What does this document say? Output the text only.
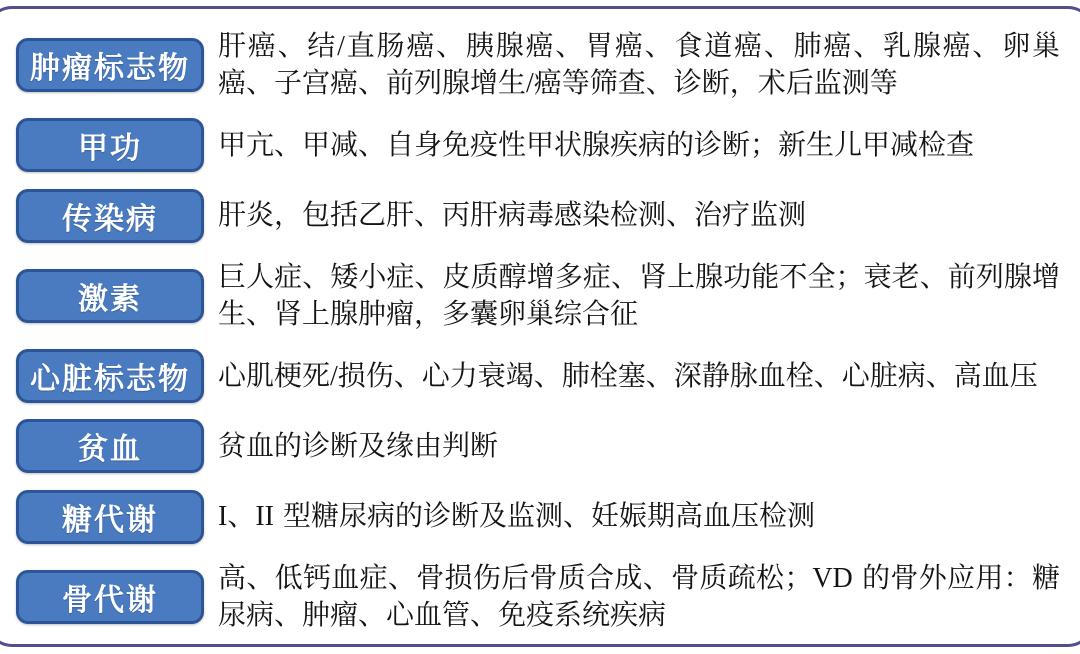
肿瘤标志物
肝癌、结/直肠癌、胰腺癌、胃癌、食道癌、肺癌、乳腺癌、卵巢癌、子宫癌、前列腺增生/癌等筛查、诊断，术后监测等
甲功	甲亢、甲减、自身免疫性甲状腺疾病的诊断；新生儿甲减检查
传染病 肝炎，包括乙肝、丙肝病毒感染检测、治疗监测
激素
巨人症、矮小症、皮质醇增多症、肾上腺功能不全；衰老、前列腺增生、肾上腺肿瘤，多囊卵巢综合征
心脏标志物 心肌梗死/损伤、心力衰竭、肺栓塞、深静脉血栓、心脏病、高血压
贫血	贫血的诊断及缘由判断
糖代谢 I、II 型糖尿病的诊断及监测、妊娠期高血压检测
骨代谢
高、低钙血症、骨损伤后骨质合成、骨质疏松；VD 的骨外应用：糖尿病、肿瘤、心血管、免疫系统疾病
